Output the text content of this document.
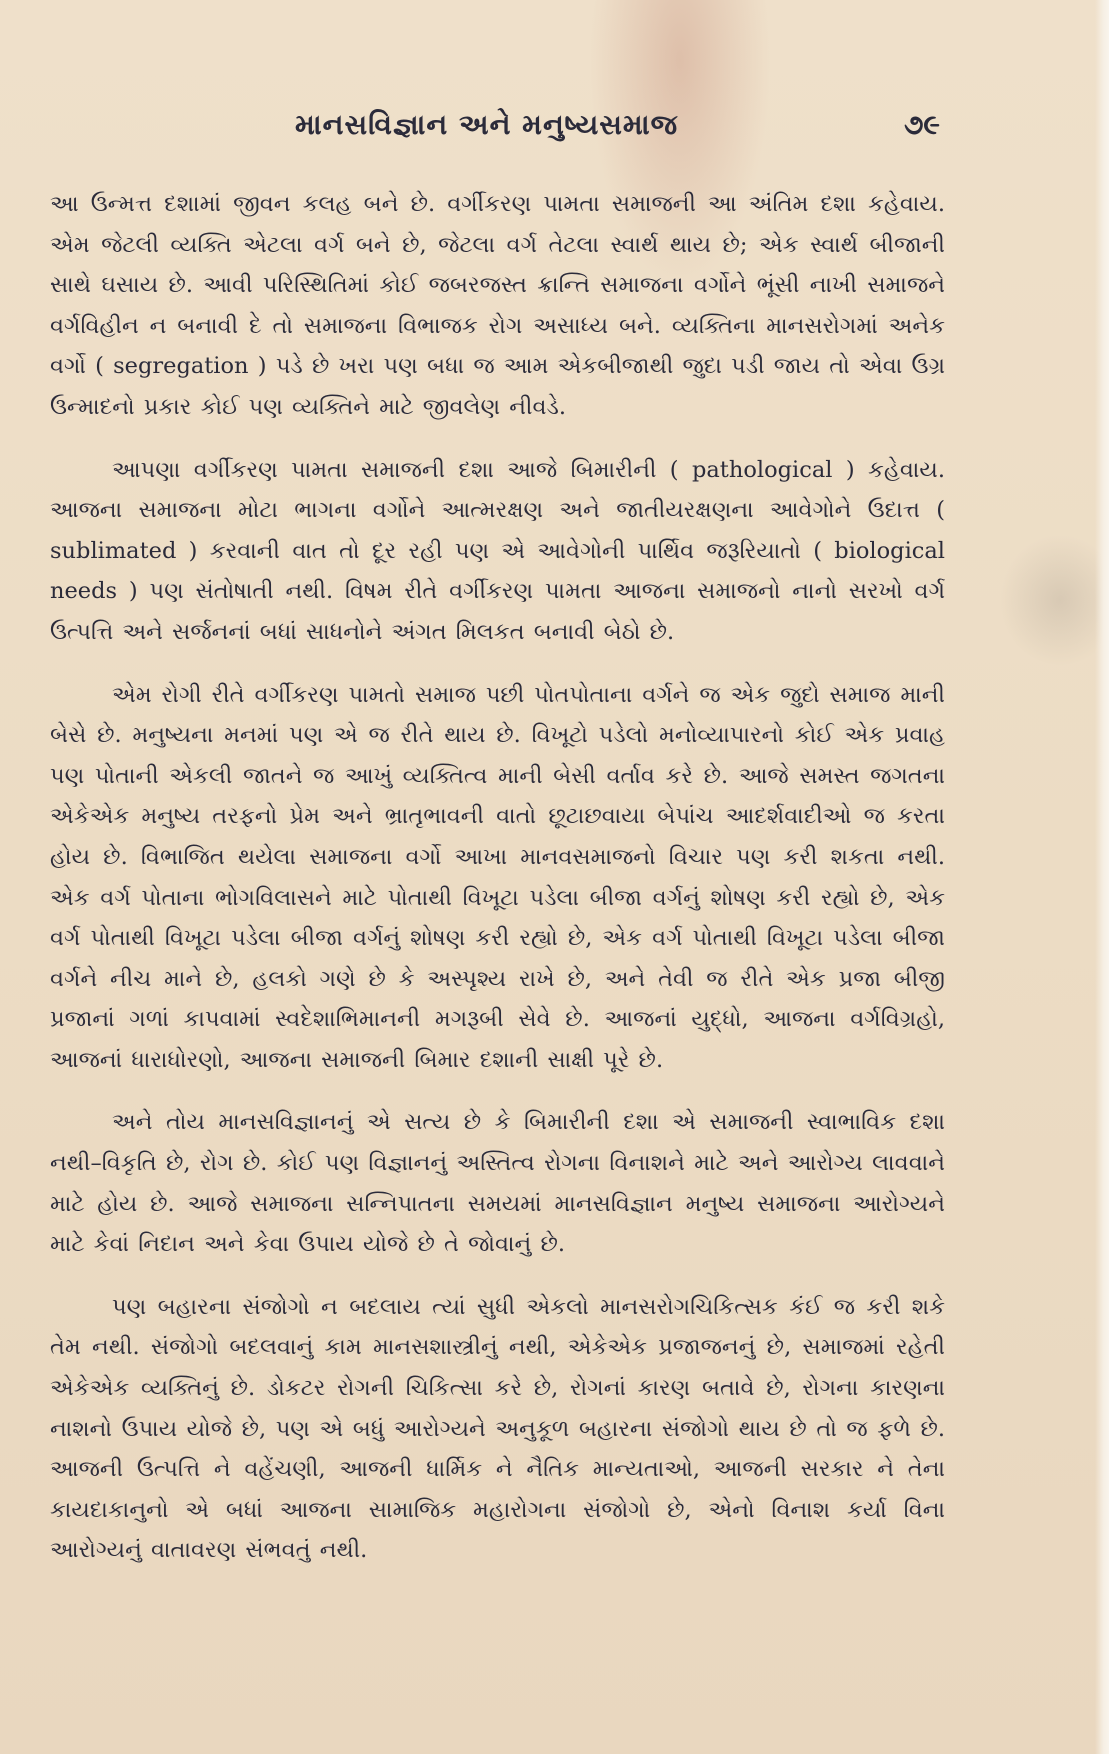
માનસવિજ્ઞાન અને મનુષ્યસમાજ	૭૯

આ ઉન્મત્ત દશામાં જીવન કલહ બને છે. વર્ગીકરણ પામતા સમાજની આ અંતિમ દશા કહેવાય. એમ જેટલી વ્યક્તિ એટલા વર્ગ બને છે, જેટલા વર્ગ તેટલા સ્વાર્થ થાય છે; એક સ્વાર્થ બીજાની સાથે ઘસાય છે. આવી પરિસ્થિતિમાં કોઈ જબરજસ્ત ક્રાન્તિ સમાજના વર્ગોને ભૂંસી નાખી સમાજને વર્ગવિહીન ન બનાવી દે તો સમાજના વિભાજક રોગ અસાધ્ય બને. વ્યક્તિના માનસરોગમાં અનેક વર્ગો ( segregation ) પડે છે ખરા પણ બધા જ આમ એકબીજાથી જુદા પડી જાય તો એવા ઉગ્ર ઉન્માદનો પ્રકાર કોઈ પણ વ્યક્તિને માટે જીવલેણ નીવડે.

આપણા વર્ગીકરણ પામતા સમાજની દશા આજે બિમારીની ( pathological ) કહેવાય. આજના સમાજના મોટા ભાગના વર્ગોને આત્મરક્ષણ અને જાતીયરક્ષણના આવેગોને ઉદાત્ત ( sublimated ) કરવાની વાત તો દૂર રહી પણ એ આવેગોની પાર્થિવ જરૂરિયાતો ( biological needs ) પણ સંતોષાતી નથી. વિષમ રીતે વર્ગીકરણ પામતા આજના સમાજનો નાનો સરખો વર્ગ ઉત્પત્તિ અને સર્જનનાં બધાં સાધનોને અંગત મિલકત બનાવી બેઠો છે.

એમ રોગી રીતે વર્ગીકરણ પામતો સમાજ પછી પોતપોતાના વર્ગને જ એક જુદો સમાજ માની બેસે છે. મનુષ્યના મનમાં પણ એ જ રીતે થાય છે. વિખૂટો પડેલો મનોવ્યાપારનો કોઈ એક પ્રવાહ પણ પોતાની એકલી જાતને જ આખું વ્યક્તિત્વ માની બેસી વર્તાવ કરે છે. આજે સમસ્ત જગતના એકેએક મનુષ્ય તરફનો પ્રેમ અને ભ્રાતૃભાવની વાતો છૂટાછવાયા બેપાંચ આદર્શવાદીઓ જ કરતા હોય છે. વિભાજિત થયેલા સમાજના વર્ગો આખા માનવસમાજનો વિચાર પણ કરી શકતા નથી. એક વર્ગ પોતાના ભોગવિલાસને માટે પોતાથી વિખૂટા પડેલા બીજા વર્ગનું શોષણ કરી રહ્યો છે, એક વર્ગ પોતાથી વિખૂટા પડેલા બીજા વર્ગનું શોષણ કરી રહ્યો છે, એક વર્ગ પોતાથી વિખૂટા પડેલા બીજા વર્ગને નીચ માને છે, હલકો ગણે છે કે અસ્પૃશ્ય રાખે છે, અને તેવી જ રીતે એક પ્રજા બીજી પ્રજાનાં ગળાં કાપવામાં સ્વદેશાભિમાનની મગરૂબી સેવે છે. આજનાં યુદ્ધો, આજના વર્ગવિગ્રહો, આજનાં ધારાધોરણો, આજના સમાજની બિમાર દશાની સાક્ષી પૂરે છે.

અને તોય માનસવિજ્ઞાનનું એ સત્ય છે કે બિમારીની દશા એ સમાજની સ્વાભાવિક દશા નથી–વિકૃતિ છે, રોગ છે. કોઈ પણ વિજ્ઞાનનું અસ્તિત્વ રોગના વિનાશને માટે અને આરોગ્ય લાવવાને માટે હોય છે. આજે સમાજના સન્નિપાતના સમયમાં માનસવિજ્ઞાન મનુષ્ય સમાજના આરોગ્યને માટે કેવાં નિદાન અને કેવા ઉપાય યોજે છે તે જોવાનું છે.

પણ બહારના સંજોગો ન બદલાય ત્યાં સુધી એકલો માનસરોગચિકિત્સક કંઈ જ કરી શકે તેમ નથી. સંજોગો બદલવાનું કામ માનસશાસ્ત્રીનું નથી, એકેએક પ્રજાજનનું છે, સમાજમાં રહેતી એકેએક વ્યક્તિનું છે. ડોકટર રોગની ચિકિત્સા કરે છે, રોગનાં કારણ બતાવે છે, રોગના કારણના નાશનો ઉપાય યોજે છે, પણ એ બધું આરોગ્યને અનુકૂળ બહારના સંજોગો થાય છે તો જ ફળે છે. આજની ઉત્પત્તિ ને વહેંચણી, આજની ધાર્મિક ને નૈતિક માન્યતાઓ, આજની સરકાર ને તેના કાયદાકાનુનો એ બધાં આજના સામાજિક મહારોગના સંજોગો છે, એનો વિનાશ કર્યા વિના આરોગ્યનું વાતાવરણ સંભવતું નથી.
